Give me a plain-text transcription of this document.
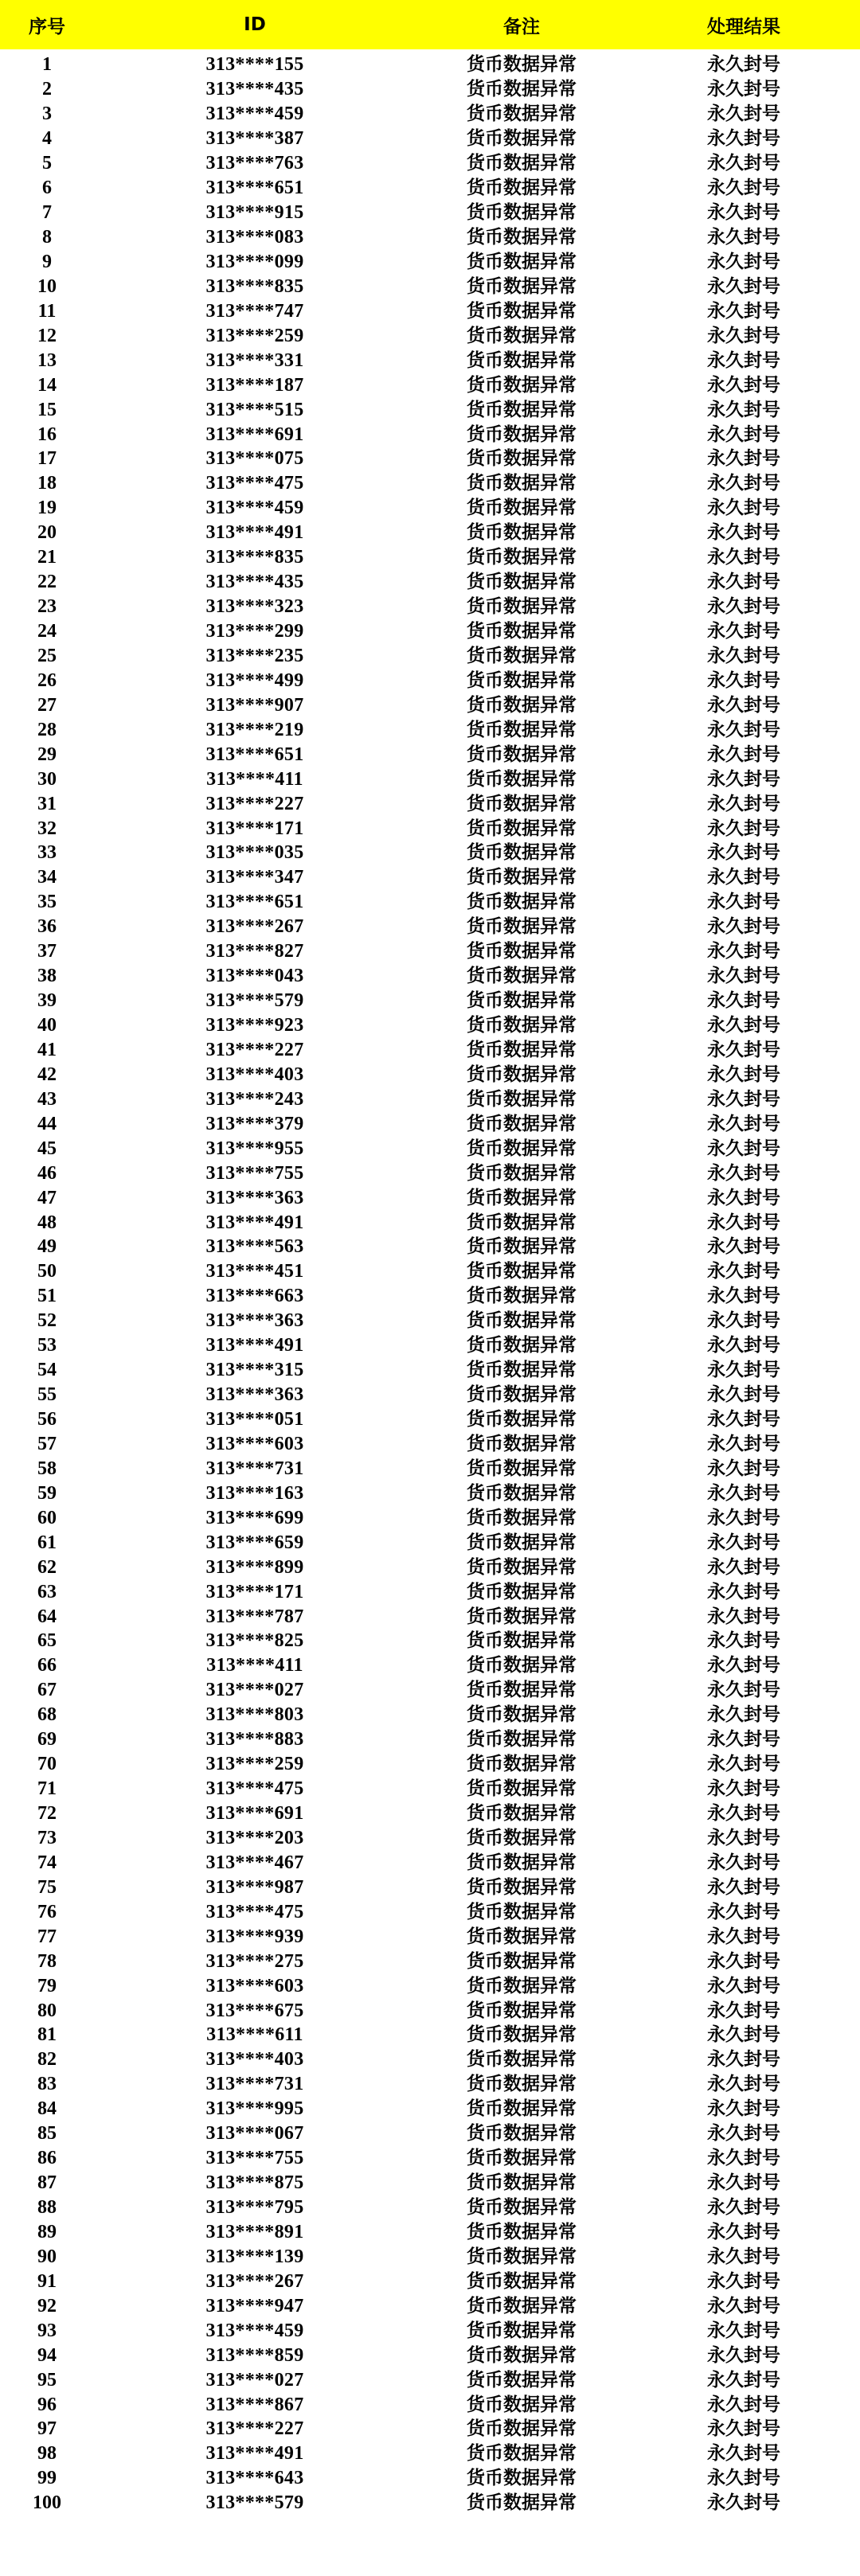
序号	ID	备注	处理结果
1	313****155	货币数据异常	永久封号
2	313****435	货币数据异常	永久封号
3	313****459	货币数据异常	永久封号
4	313****387	货币数据异常	永久封号
5	313****763	货币数据异常	永久封号
6	313****651	货币数据异常	永久封号
7	313****915	货币数据异常	永久封号
8	313****083	货币数据异常	永久封号
9	313****099	货币数据异常	永久封号
10	313****835	货币数据异常	永久封号
11	313****747	货币数据异常	永久封号
12	313****259	货币数据异常	永久封号
13	313****331	货币数据异常	永久封号
14	313****187	货币数据异常	永久封号
15	313****515	货币数据异常	永久封号
16	313****691	货币数据异常	永久封号
17	313****075	货币数据异常	永久封号
18	313****475	货币数据异常	永久封号
19	313****459	货币数据异常	永久封号
20	313****491	货币数据异常	永久封号
21	313****835	货币数据异常	永久封号
22	313****435	货币数据异常	永久封号
23	313****323	货币数据异常	永久封号
24	313****299	货币数据异常	永久封号
25	313****235	货币数据异常	永久封号
26	313****499	货币数据异常	永久封号
27	313****907	货币数据异常	永久封号
28	313****219	货币数据异常	永久封号
29	313****651	货币数据异常	永久封号
30	313****411	货币数据异常	永久封号
31	313****227	货币数据异常	永久封号
32	313****171	货币数据异常	永久封号
33	313****035	货币数据异常	永久封号
34	313****347	货币数据异常	永久封号
35	313****651	货币数据异常	永久封号
36	313****267	货币数据异常	永久封号
37	313****827	货币数据异常	永久封号
38	313****043	货币数据异常	永久封号
39	313****579	货币数据异常	永久封号
40	313****923	货币数据异常	永久封号
41	313****227	货币数据异常	永久封号
42	313****403	货币数据异常	永久封号
43	313****243	货币数据异常	永久封号
44	313****379	货币数据异常	永久封号
45	313****955	货币数据异常	永久封号
46	313****755	货币数据异常	永久封号
47	313****363	货币数据异常	永久封号
48	313****491	货币数据异常	永久封号
49	313****563	货币数据异常	永久封号
50	313****451	货币数据异常	永久封号
51	313****663	货币数据异常	永久封号
52	313****363	货币数据异常	永久封号
53	313****491	货币数据异常	永久封号
54	313****315	货币数据异常	永久封号
55	313****363	货币数据异常	永久封号
56	313****051	货币数据异常	永久封号
57	313****603	货币数据异常	永久封号
58	313****731	货币数据异常	永久封号
59	313****163	货币数据异常	永久封号
60	313****699	货币数据异常	永久封号
61	313****659	货币数据异常	永久封号
62	313****899	货币数据异常	永久封号
63	313****171	货币数据异常	永久封号
64	313****787	货币数据异常	永久封号
65	313****825	货币数据异常	永久封号
66	313****411	货币数据异常	永久封号
67	313****027	货币数据异常	永久封号
68	313****803	货币数据异常	永久封号
69	313****883	货币数据异常	永久封号
70	313****259	货币数据异常	永久封号
71	313****475	货币数据异常	永久封号
72	313****691	货币数据异常	永久封号
73	313****203	货币数据异常	永久封号
74	313****467	货币数据异常	永久封号
75	313****987	货币数据异常	永久封号
76	313****475	货币数据异常	永久封号
77	313****939	货币数据异常	永久封号
78	313****275	货币数据异常	永久封号
79	313****603	货币数据异常	永久封号
80	313****675	货币数据异常	永久封号
81	313****611	货币数据异常	永久封号
82	313****403	货币数据异常	永久封号
83	313****731	货币数据异常	永久封号
84	313****995	货币数据异常	永久封号
85	313****067	货币数据异常	永久封号
86	313****755	货币数据异常	永久封号
87	313****875	货币数据异常	永久封号
88	313****795	货币数据异常	永久封号
89	313****891	货币数据异常	永久封号
90	313****139	货币数据异常	永久封号
91	313****267	货币数据异常	永久封号
92	313****947	货币数据异常	永久封号
93	313****459	货币数据异常	永久封号
94	313****859	货币数据异常	永久封号
95	313****027	货币数据异常	永久封号
96	313****867	货币数据异常	永久封号
97	313****227	货币数据异常	永久封号
98	313****491	货币数据异常	永久封号
99	313****643	货币数据异常	永久封号
100	313****579	货币数据异常	永久封号
